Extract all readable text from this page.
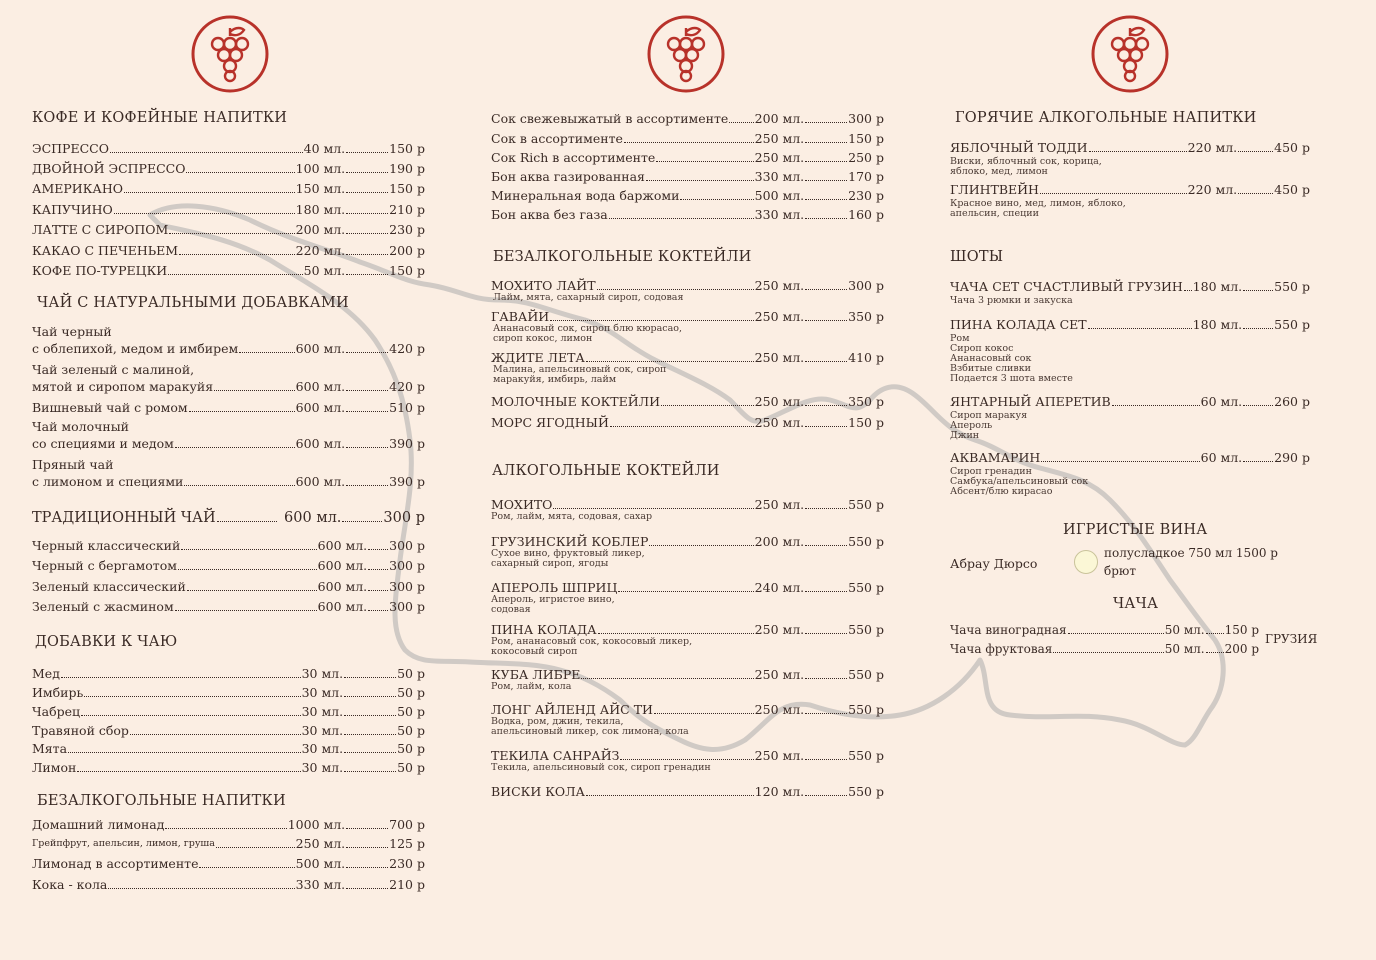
КОФЕ И КОФЕЙНЫЕ НАПИТКИ
ЭСПРЕССО	40 мл.	150 р
ДВОЙНОЙ ЭСПРЕССО	100 мл.	190 р
АМЕРИКАНО	150 мл.	150 р
КАПУЧИНО	180 мл.	210 р
ЛАТТЕ С СИРОПОМ	200 мл.	230 р
КАКАО С ПЕЧЕНЬЕМ	220 мл.	200 р
КОФЕ ПО-ТУРЕЦКИ	50 мл.	150 р
ЧАЙ С НАТУРАЛЬНЫМИ ДОБАВКАМИ
Чай черный
с облепихой, медом и имбирем	600 мл.	420 р
Чай зеленый с малиной,
мятой и сиропом маракуйя	600 мл.	420 р
Вишневый чай с ромом	600 мл.	510 р
Чай молочный
со специями и медом	600 мл.	390 р
Пряный чай
с лимоном и специями	600 мл.	390 р
ТРАДИЦИОННЫЙ ЧАЙ	600 мл.	300 р
Черный классический	600 мл. 300 р
Черный с бергамотом	600 мл. 300 р
Зеленый классический	600 мл. 300 р
Зеленый с жасмином	600 мл. 300 р
ДОБАВКИ К ЧАЮ
Мед	30 мл.	50 р
Имбирь	30 мл.	50 р
Чабрец	30 мл.	50 р
Травяной сбор	30 мл.	50 р
Мята	30 мл.	50 р
Лимон	30 мл.	50 р
БЕЗАЛКОГОЛЬНЫЕ НАПИТКИ
Домашний лимонад	1000 мл.	700 р
Грейпфрут, апельсин, лимон, груша	250 мл.	125 р
Лимонад в ассортименте	500 мл.	230 р
Кока - кола	330 мл.	210 р
Сок свежевыжатый в ассортименте 200 мл.	300 р
Сок в ассортименте	250 мл.	150 р
Сок Rich в ассортименте	250 мл.	250 р
Бон аква газированная	330 мл.	170 р
Минеральная вода баржоми	500 мл.	230 р
Бон аква без газа	330 мл.	160 р
БЕЗАЛКОГОЛЬНЫЕ КОКТЕЙЛИ
МОХИТО ЛАЙТ	250 мл.	300 р
Лайм, мята, сахарный сироп, содовая
ГАВАЙИ	250 мл.	350 р
Ананасовый сок, сироп блю кюрасао,
сироп кокос, лимон
ЖДИТЕ ЛЕТА	250 мл.	410 р
Малина, апельсиновый сок, сироп
маракуйя, имбирь, лайм
МОЛОЧНЫЕ КОКТЕЙЛИ	250 мл.	350 р
МОРС ЯГОДНЫЙ	250 мл.	150 р
АЛКОГОЛЬНЫЕ КОКТЕЙЛИ
МОХИТО	250 мл.	550 р
Ром, лайм, мята, содовая, сахар
ГРУЗИНСКИЙ КОБЛЕР	200 мл.	550 р
Сухое вино, фруктовый ликер,
сахарный сироп, ягоды
АПЕРОЛЬ ШПРИЦ	240 мл.	550 р
Апероль, игристое вино,
содовая
ПИНА КОЛАДА	250 мл.	550 р
Ром, ананасовый сок, кокосовый ликер,
кокосовый сироп
КУБА ЛИБРЕ	250 мл.	550 р
Ром, лайм, кола
ЛОНГ АЙЛЕНД АЙС ТИ	250 мл.	550 р
Водка, ром, джин, текила,
апельсиновый ликер, сок лимона, кола
ТЕКИЛА САНРАЙЗ	250 мл.	550 р
Текила, апельсиновый сок, сироп гренадин
ВИСКИ КОЛА	120 мл.	550 р
ГОРЯЧИЕ АЛКОГОЛЬНЫЕ НАПИТКИ
ЯБЛОЧНЫЙ ТОДДИ	220 мл.	450 р
Виски, яблочный сок, корица,
яблоко, мед, лимон
ГЛИНТВЕЙН	220 мл.	450 р
Красное вино, мед, лимон, яблоко,
апельсин, специи
ШОТЫ
ЧАЧА СЕТ СЧАСТЛИВЫЙ ГРУЗИН 180 мл.	550 р
Чача 3 рюмки и закуска
ПИНА КОЛАДА СЕТ	180 мл.	550 р
Ром
Сироп кокос
Ананасовый сок
Взбитые сливки
Подается 3 шота вместе
ЯНТАРНЫЙ АПЕРЕТИВ	60 мл.	260 р
Сироп маракуя
Апероль
Джин
АКВАМАРИН	60 мл.	290 р
Сироп гренадин
Самбука/апельсиновый сок
Абсент/блю кирасао
ИГРИСТЫЕ ВИНА
Абрау Дюрсо
полусладкое 750 мл 1500 р
брют
ЧАЧА
Чача виноградная	50 мл. 150 р
Чача фруктовая	50 мл. 200 р
ГРУЗИЯ
